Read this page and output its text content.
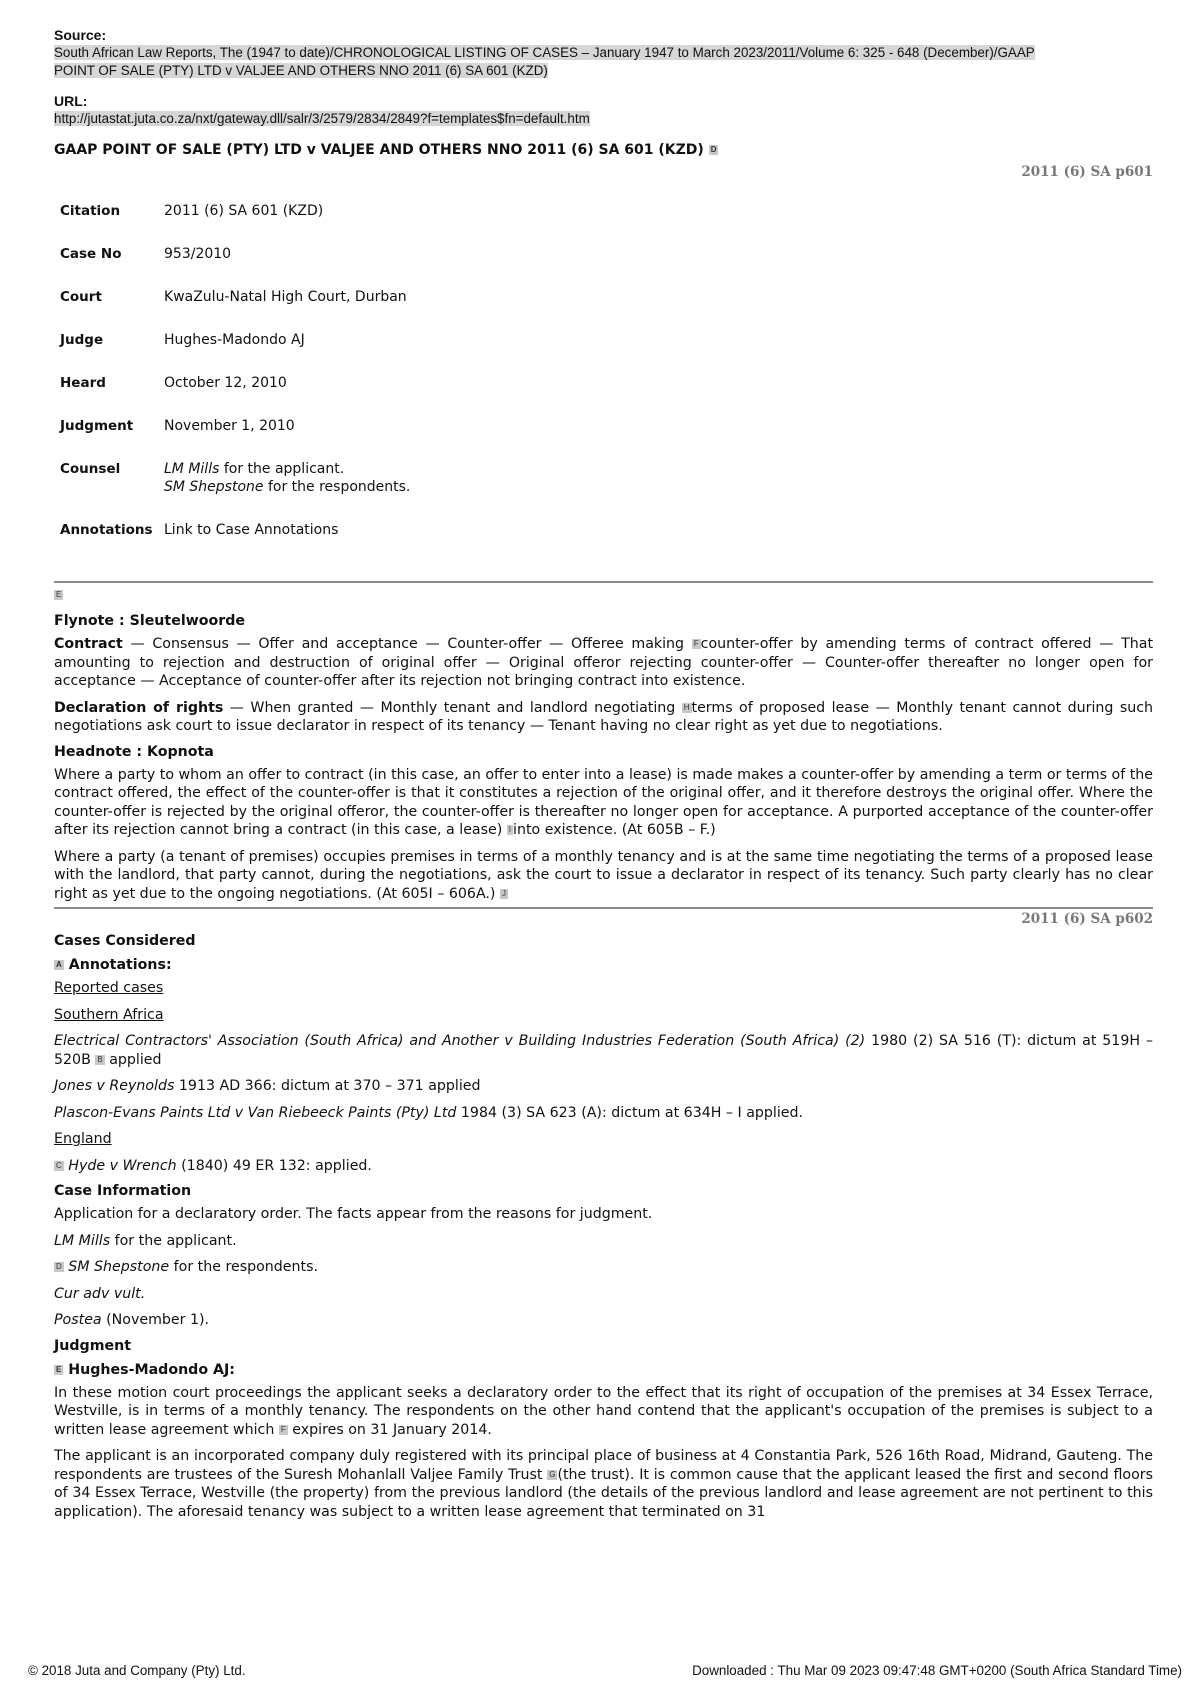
Source:

South African Law Reports, The (1947 to date)/CHRONOLOGICAL LISTING OF CASES – January 1947 to March 2023/2011/Volume 6: 325 - 648 (December)/GAAP
POINT OF SALE (PTY) LTD v VALJEE AND OTHERS NNO 2011 (6) SA 601 (KZD)

URL:

http://jutastat.juta.co.za/nxt/gateway.dll/salr/3/2579/2834/2849?f=templates$fn=default.htm
GAAP POINT OF SALE (PTY) LTD v VALJEE AND OTHERS NNO 2011 (6) SA 601 (KZD) D
2011 (6) SA p601
Citation	2011 (6) SA 601 (KZD)
Case No	953/2010
Court	KwaZulu-Natal High Court, Durban
Judge	Hughes-Madondo AJ
Heard	October 12, 2010
Judgment	November 1, 2010
Counsel	LM Mills for the applicant.
SM Shepstone for the respondents.
Annotations	Link to Case Annotations
E
Flynote : Sleutelwoorde

Contract — Consensus — Offer and acceptance — Counter-offer — Offeree making F counter-offer by amending terms of contract offered — That amounting to rejection and destruction of original offer — Original offeror rejecting counter-offer — Counter-offer thereafter no longer open for acceptance — Acceptance of counter-offer after its rejection not bringing contract into existence.

Declaration of rights — When granted — Monthly tenant and landlord negotiating H terms of proposed lease — Monthly tenant cannot during such negotiations ask court to issue declarator in respect of its tenancy — Tenant having no clear right as yet due to negotiations.

Headnote : Kopnota

Where a party to whom an offer to contract (in this case, an offer to enter into a lease) is made makes a counter-offer by amending a term or terms of the contract offered, the effect of the counter-offer is that it constitutes a rejection of the original offer, and it therefore destroys the original offer. Where the counter-offer is rejected by the original offeror, the counter-offer is thereafter no longer open for acceptance. A purported acceptance of the counter-offer after its rejection cannot bring a contract (in this case, a lease) I into existence. (At 605B – F.)

Where a party (a tenant of premises) occupies premises in terms of a monthly tenancy and is at the same time negotiating the terms of a proposed lease with the landlord, that party cannot, during the negotiations, ask the court to issue a declarator in respect of its tenancy. Such party clearly has no clear right as yet due to the ongoing negotiations. (At 605I – 606A.) J

2011 (6) SA p602
Cases Considered
A Annotations:

Reported cases

Southern Africa

Electrical Contractors' Association (South Africa) and Another v Building Industries Federation (South Africa) (2) 1980 (2) SA 516 (T): dictum at 519H – 520B B applied

Jones v Reynolds 1913 AD 366: dictum at 370 – 371 applied

Plascon-Evans Paints Ltd v Van Riebeeck Paints (Pty) Ltd 1984 (3) SA 623 (A): dictum at 634H – I applied.

England

C Hyde v Wrench (1840) 49 ER 132: applied.

Case Information

Application for a declaratory order. The facts appear from the reasons for judgment.

LM Mills for the applicant.

D SM Shepstone for the respondents.

Cur adv vult.

Postea (November 1).

Judgment
E Hughes-Madondo AJ:

In these motion court proceedings the applicant seeks a declaratory order to the effect that its right of occupation of the premises at 34 Essex Terrace, Westville, is in terms of a monthly tenancy. The respondents on the other hand contend that the applicant's occupation of the premises is subject to a written lease agreement which F expires on 31 January 2014.

The applicant is an incorporated company duly registered with its principal place of business at 4 Constantia Park, 526 16th Road, Midrand, Gauteng. The respondents are trustees of the Suresh Mohanlall Valjee Family Trust G (the trust). It is common cause that the applicant leased the first and second floors of 34 Essex Terrace, Westville (the property) from the previous landlord (the details of the previous landlord and lease agreement are not pertinent to this application). The aforesaid tenancy was subject to a written lease agreement that terminated on 31

© 2018 Juta and Company (Pty) Ltd.	Downloaded : Thu Mar 09 2023 09:47:48 GMT+0200 (South Africa Standard Time)
